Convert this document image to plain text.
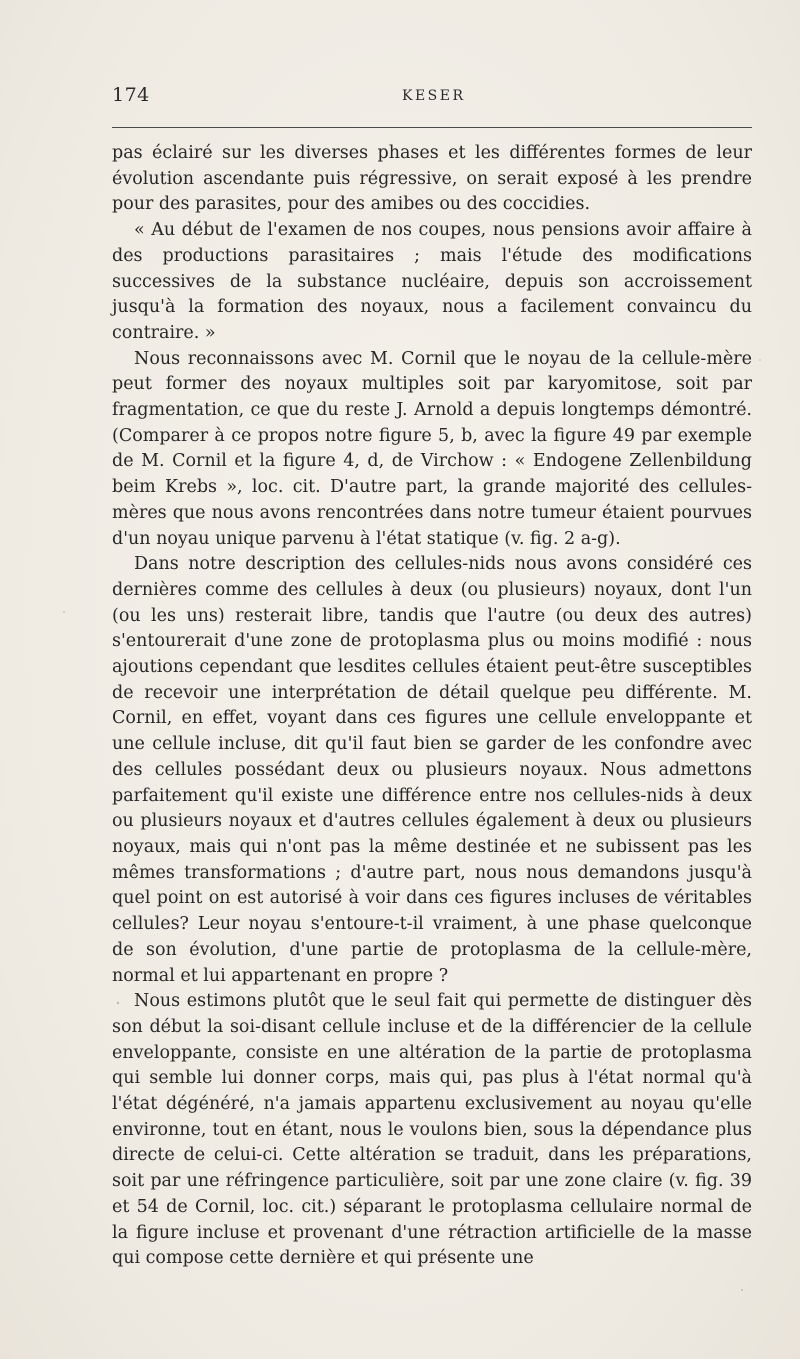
174	KESER

pas éclairé sur les diverses phases et les différentes formes de leur évolution ascendante puis régressive, on serait exposé à les prendre pour des parasites, pour des amibes ou des coccidies.

« Au début de l'examen de nos coupes, nous pensions avoir affaire à des productions parasitaires ; mais l'étude des modifications successives de la substance nucléaire, depuis son accroissement jusqu'à la formation des noyaux, nous a facilement convaincu du contraire. »

Nous reconnaissons avec M. Cornil que le noyau de la cellule-mère peut former des noyaux multiples soit par karyomitose, soit par fragmentation, ce que du reste J. Arnold a depuis longtemps démontré. (Comparer à ce propos notre figure 5, b, avec la figure 49 par exemple de M. Cornil et la figure 4, d, de Virchow : « Endogene Zellenbildung beim Krebs », loc. cit. D'autre part, la grande majorité des cellules-mères que nous avons rencontrées dans notre tumeur étaient pourvues d'un noyau unique parvenu à l'état statique (v. fig. 2 a-g).

Dans notre description des cellules-nids nous avons considéré ces dernières comme des cellules à deux (ou plusieurs) noyaux, dont l'un (ou les uns) resterait libre, tandis que l'autre (ou deux des autres) s'entourerait d'une zone de protoplasma plus ou moins modifié : nous ajoutions cependant que lesdites cellules étaient peut-être susceptibles de recevoir une interprétation de détail quelque peu différente. M. Cornil, en effet, voyant dans ces figures une cellule enveloppante et une cellule incluse, dit qu'il faut bien se garder de les confondre avec des cellules possédant deux ou plusieurs noyaux. Nous admettons parfaitement qu'il existe une différence entre nos cellules-nids à deux ou plusieurs noyaux et d'autres cellules également à deux ou plusieurs noyaux, mais qui n'ont pas la même destinée et ne subissent pas les mêmes transformations ; d'autre part, nous nous demandons jusqu'à quel point on est autorisé à voir dans ces figures incluses de véritables cellules? Leur noyau s'entoure-t-il vraiment, à une phase quelconque de son évolution, d'une partie de protoplasma de la cellule-mère, normal et lui appartenant en propre ?

Nous estimons plutôt que le seul fait qui permette de distinguer dès son début la soi-disant cellule incluse et de la différencier de la cellule enveloppante, consiste en une altération de la partie de protoplasma qui semble lui donner corps, mais qui, pas plus à l'état normal qu'à l'état dégénéré, n'a jamais appartenu exclusivement au noyau qu'elle environne, tout en étant, nous le voulons bien, sous la dépendance plus directe de celui-ci. Cette altération se traduit, dans les préparations, soit par une réfringence particulière, soit par une zone claire (v. fig. 39 et 54 de Cornil, loc. cit.) séparant le protoplasma cellulaire normal de la figure incluse et provenant d'une rétraction artificielle de la masse qui compose cette dernière et qui présente une
